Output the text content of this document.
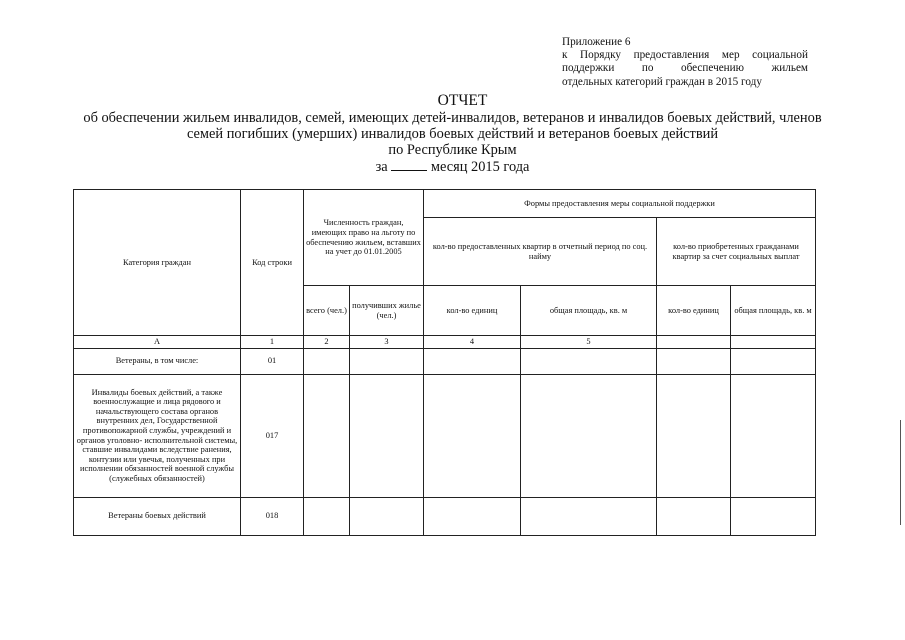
Приложение 6
к Порядку предоставления мер социальной
поддержки по обеспечению жильем
отдельных категорий граждан в 2015 году
ОТЧЕТ
об обеспечении жильем инвалидов, семей, имеющих детей-инвалидов, ветеранов и инвалидов боевых действий, членов
семей погибших (умерших) инвалидов боевых действий и ветеранов боевых действий
по Республике Крым
за	месяц 2015 года
Категория граждан	Код строки	Численность граждан, имеющих право на льготу по обеспечению жильем, вставших на учет до 01.01.2005		Формы предоставления меры социальной поддержки			
				кол-во предоставленных квартир в отчетный период по соц. найму		кол-во приобретенных гражданами квартир за счет социальных выплат	
		всего (чел.)	получивших жилье (чел.)	кол-во единиц	общая площадь, кв. м	кол-во единиц	общая площадь, кв. м
А	1	2	3	4	5		
Ветераны, в том числе:	01						
Инвалиды боевых действий, а также военнослужащие и лица рядового и начальствующего состава органов внутренних дел, Государственной противопожарной службы, учреждений и органов уголовно- исполнительной системы, ставшие инвалидами вследствие ранения, контузии или увечья, полученных при исполнении обязанностей военной службы (служебных обязанностей)	017						
Ветераны боевых действий	018						
